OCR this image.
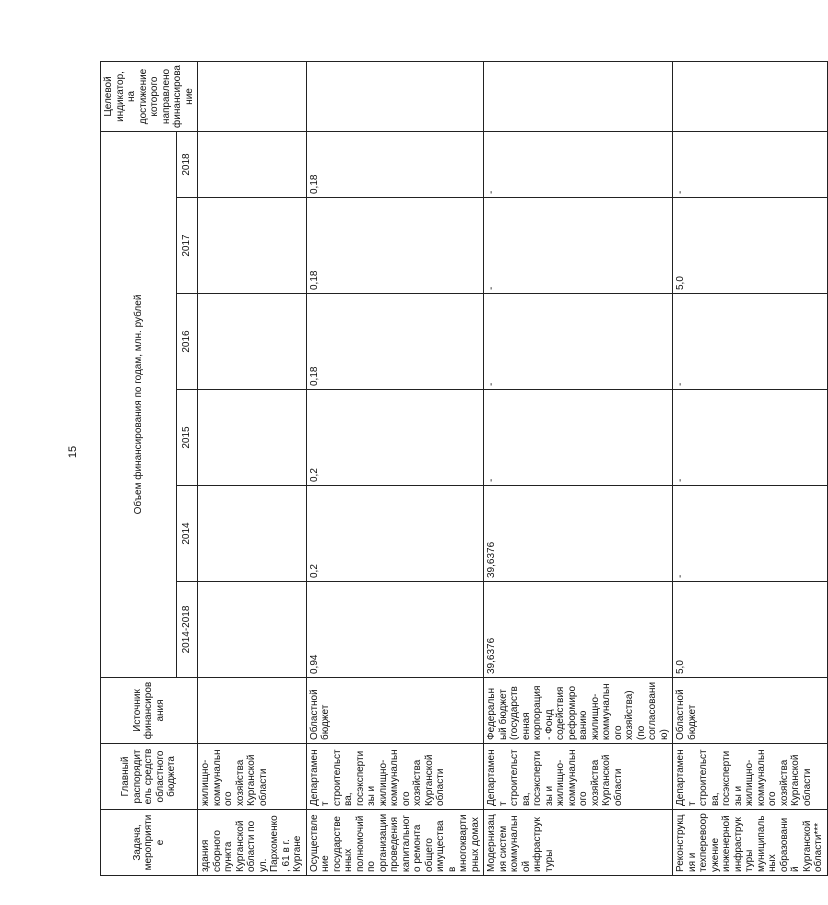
15
Задача, мероприятие	Главный распорядитель средств областного бюджета	Источник финансирования	Объем финансирования по годам, млн. рублей						Целевой индикатор, на достижение которого направлено финансирование
			2014-2018	2014	2015	2016	2017	2018	
здания сборного пункта Курганской области по ул. Пархоменко, 61 в г. Кургане	жилищно-коммунального хозяйства Курганской области								
Осуществление государственных полномочий по организации проведения капитального ремонта общего имущества в многоквартирных домах	Департамент строительства, госэкспертизы и жилищно-коммунального хозяйства Курганской области	Областной бюджет	0,94	0,2	0,2	0,18	0,18	0,18	
Модернизация систем коммунальной инфраструктуры	Департамент строительства, госэкспертизы и жилищно-коммунального хозяйства Курганской области	Федеральный бюджет (государственная корпорация - Фонд содействия реформированию жилищно-коммунального хозяйства) (по согласованию)	39,6376	39,6376	-	-	-	-	
Реконструкция и техперевооружение инженерной инфраструктуры муниципальных образований Курганской области***	Департамент строительства, госэкспертизы и жилищно-коммунального хозяйства Курганской области	Областной бюджет	5,0	-	-	-	5,0	-	
